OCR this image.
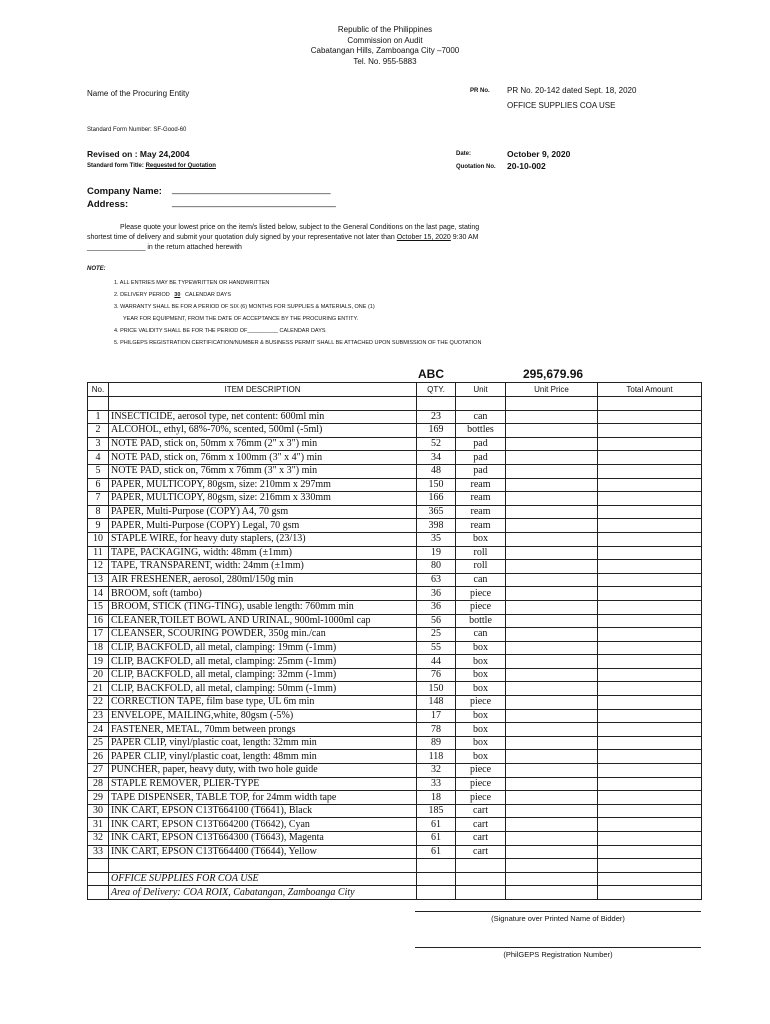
Republic of the Philippines
Commission on Audit
Cabatangan Hills, Zamboanga City –7000
Tel. No. 955-5883
Name of the Procuring Entity	PR No. PR No. 20-142 dated Sept. 18, 2020
OFFICE SUPPLIES COA USE
Standard Form Number: SF-Good-60
Revised on : May 24,2004
Standard form Title: Requested for Quotation
Date:	October 9, 2020
Quotation No. 20-10-002
Company Name: ______________________________
Address:	_______________________________
Please quote your lowest price on the item/s listed below, subject to the General Conditions on the last page, stating
shortest time of delivery and submit your quotation duly signed by your representative not later than October 15, 2020 9:30 AM
_______________ in the return attached herewith
NOTE:
1. ALL ENTRIES MAY BE TYPEWRITTEN OR HANDWRITTEN
2. DELIVERY PERIOD 30 CALENDAR DAYS
3. WARRANTY SHALL BE FOR A PERIOD OF SIX (6) MONTHS FOR SUPPLIES & MATERIALS, ONE (1)
YEAR FOR EQUIPMENT, FROM THE DATE OF ACCEPTANCE BY THE PROCURING ENTITY.
4. PRICE VALIDITY SHALL BE FOR THE PERIOD OF__________ CALENDAR DAYS
5. PHILGEPS REGISTRATION CERTIFICATION/NUMBER & BUSINESS PERMIT SHALL BE ATTACHED UPON SUBMISSION OF THE QUOTATION
ABC	295,679.96
No.	ITEM DESCRIPTION	QTY.	Unit	Unit Price	Total Amount

1	INSECTICIDE, aerosol type, net content: 600ml min	23	can		
2	ALCOHOL, ethyl, 68%-70%, scented, 500ml (-5ml)	169	bottles		
3	NOTE PAD, stick on, 50mm x 76mm (2" x 3") min	52	pad		
4	NOTE PAD, stick on, 76mm x 100mm (3" x 4") min	34	pad		
5	NOTE PAD, stick on, 76mm x 76mm (3" x 3") min	48	pad		
6	PAPER, MULTICOPY, 80gsm, size: 210mm x 297mm	150	ream		
7	PAPER, MULTICOPY, 80gsm, size: 216mm x 330mm	166	ream		
8	PAPER, Multi-Purpose (COPY) A4, 70 gsm	365	ream		
9	PAPER, Multi-Purpose (COPY) Legal, 70 gsm	398	ream		
10	STAPLE WIRE, for heavy duty staplers, (23/13)	35	box		
11	TAPE, PACKAGING, width: 48mm (±1mm)	19	roll		
12	TAPE, TRANSPARENT, width: 24mm (±1mm)	80	roll		
13	AIR FRESHENER, aerosol, 280ml/150g min	63	can		
14	BROOM, soft (tambo)	36	piece		
15	BROOM, STICK (TING-TING), usable length: 760mm min	36	piece		
16	CLEANER,TOILET BOWL AND URINAL, 900ml-1000ml cap	56	bottle		
17	CLEANSER, SCOURING POWDER, 350g min./can	25	can		
18	CLIP, BACKFOLD, all metal, clamping: 19mm (-1mm)	55	box		
19	CLIP, BACKFOLD, all metal, clamping: 25mm (-1mm)	44	box		
20	CLIP, BACKFOLD, all metal, clamping: 32mm (-1mm)	76	box		
21	CLIP, BACKFOLD, all metal, clamping: 50mm (-1mm)	150	box		
22	CORRECTION TAPE, film base type, UL 6m min	148	piece		
23	ENVELOPE, MAILING,white, 80gsm (-5%)	17	box		
24	FASTENER, METAL, 70mm between prongs	78	box		
25	PAPER CLIP, vinyl/plastic coat, length: 32mm min	89	box		
26	PAPER CLIP, vinyl/plastic coat, length: 48mm min	118	box		
27	PUNCHER, paper, heavy duty, with two hole guide	32	piece		
28	STAPLE REMOVER, PLIER-TYPE	33	piece		
29	TAPE DISPENSER, TABLE TOP, for 24mm width tape	18	piece		
30	INK CART, EPSON C13T664100 (T6641), Black	185	cart		
31	INK CART, EPSON C13T664200 (T6642), Cyan	61	cart		
32	INK CART, EPSON C13T664300 (T6643), Magenta	61	cart		
33	INK CART, EPSON C13T664400 (T6644), Yellow	61	cart		

	OFFICE SUPPLIES FOR COA USE				
	Area of Delivery: COA ROIX, Cabatangan, Zamboanga City				
(Signature over Printed Name of Bidder)
(PhilGEPS Registration Number)
